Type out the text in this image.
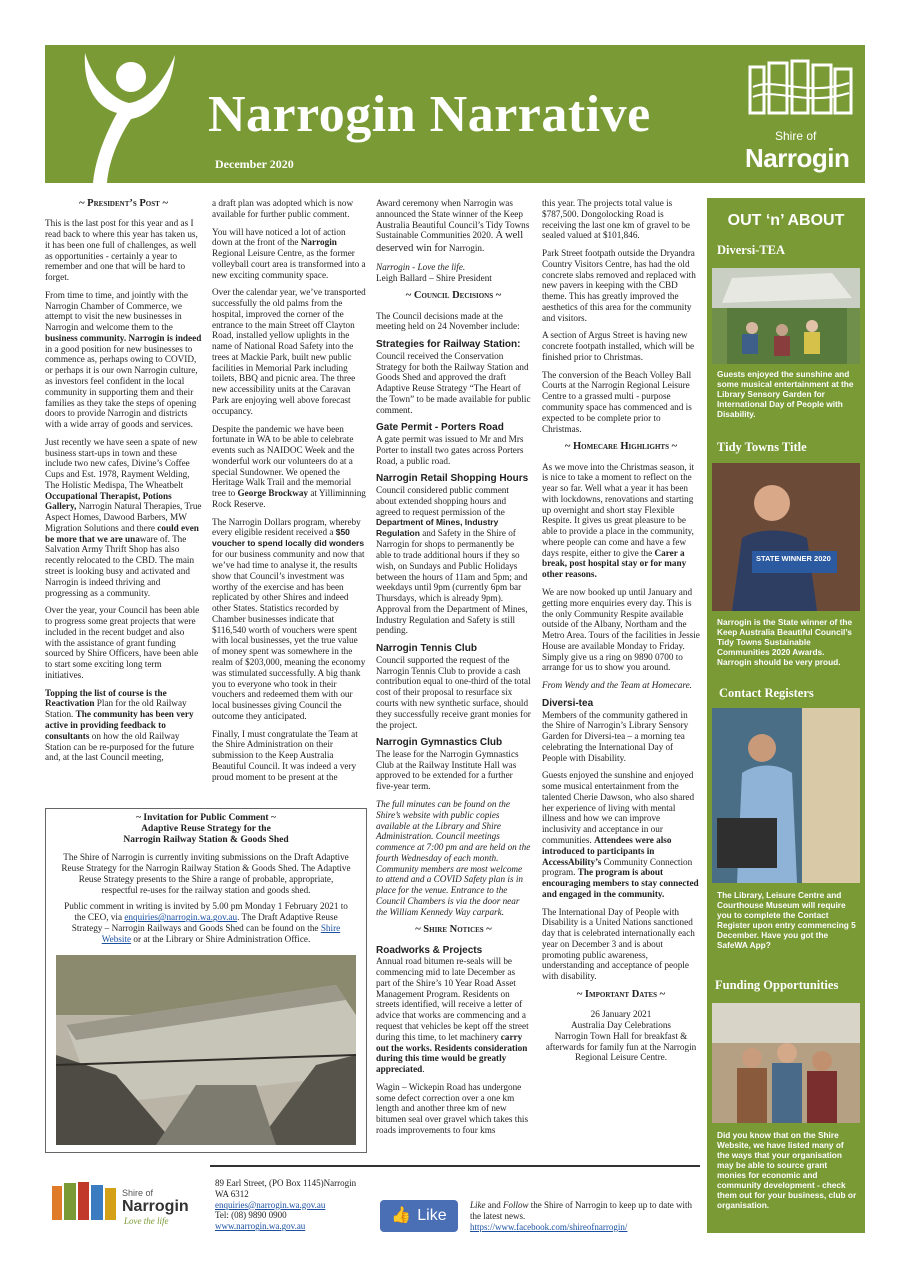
Narrogin Narrative
December 2020
Shire of
Narrogin
~ President’s Post ~

This is the last post for this year and as I read back to where this year has taken us, it has been one full of challenges, as well as opportunities - certainly a year to remember and one that will be hard to forget.

From time to time, and jointly with the Narrogin Chamber of Commerce, we attempt to visit the new businesses in Narrogin and welcome them to the business community. Narrogin is indeed in a good position for new businesses to commence as, perhaps owing to COVID, or perhaps it is our own Narrogin culture, as investors feel confident in the local community in supporting them and their families as they take the steps of opening doors to provide Narrogin and districts with a wide array of goods and services.

Just recently we have seen a spate of new business start-ups in town and these include two new cafes, Divine’s Coffee Cups and Est. 1978, Rayment Welding, The Holistic Medispa, The Wheatbelt Occupational Therapist, Potions Gallery, Narrogin Natural Therapies, True Aspect Homes, Dawood Barbers, MW Migration Solutions and there could even be more that we are unaware of. The Salvation Army Thrift Shop has also recently relocated to the CBD. The main street is looking busy and activated and Narrogin is indeed thriving and progressing as a community.

Over the year, your Council has been able to progress some great projects that were included in the recent budget and also with the assistance of grant funding sourced by Shire Officers, have been able to start some exciting long term initiatives.

Topping the list of course is the Reactivation Plan for the old Railway Station. The community has been very active in providing feedback to consultants on how the old Railway Station can be re-purposed for the future and, at the last Council meeting,

a draft plan was adopted which is now available for further public comment.

You will have noticed a lot of action down at the front of the Narrogin Regional Leisure Centre, as the former volleyball court area is transformed into a new exciting community space.

Over the calendar year, we’ve transported successfully the old palms from the hospital, improved the corner of the entrance to the main Street off Clayton Road, installed yellow uplights in the name of National Road Safety into the trees at Mackie Park, built new public facilities in Memorial Park including toilets, BBQ and picnic area. The three new accessibility units at the Caravan Park are enjoying well above forecast occupancy.

Despite the pandemic we have been fortunate in WA to be able to celebrate events such as NAIDOC Week and the wonderful work our volunteers do at a special Sundowner. We opened the Heritage Walk Trail and the memorial tree to George Brockway at Yilliminning Rock Reserve.

The Narrogin Dollars program, whereby every eligible resident received a $50 voucher to spend locally did wonders for our business community and now that we’ve had time to analyse it, the results show that Council’s investment was worthy of the exercise and has been replicated by other Shires and indeed other States. Statistics recorded by Chamber businesses indicate that $116,540 worth of vouchers were spent with local businesses, yet the true value of money spent was somewhere in the realm of $203,000, meaning the economy was stimulated successfully. A big thank you to everyone who took in their vouchers and redeemed them with our local businesses giving Council the outcome they anticipated.

Finally, I must congratulate the Team at the Shire Administration on their submission to the Keep Australia Beautiful Council. It was indeed a very proud moment to be present at the

Award ceremony when Narrogin was announced the State winner of the Keep Australia Beautiful Council’s Tidy Towns Sustainable Communities 2020. A well deserved win for Narrogin.

Narrogin - Love the life.
Leigh Ballard – Shire President

~ Council Decisions ~

The Council decisions made at the meeting held on 24 November include:

Strategies for Railway Station:

Council received the Conservation Strategy for both the Railway Station and Goods Shed and approved the draft Adaptive Reuse Strategy “The Heart of the Town” to be made available for public comment.

Gate Permit - Porters Road

A gate permit was issued to Mr and Mrs Porter to install two gates across Porters Road, a public road.

Narrogin Retail Shopping Hours

Council considered public comment about extended shopping hours and agreed to request permission of the Department of Mines, Industry Regulation and Safety in the Shire of Narrogin for shops to permanently be able to trade additional hours if they so wish, on Sundays and Public Holidays between the hours of 11am and 5pm; and weekdays until 9pm (currently 6pm bar Thursdays, which is already 9pm). Approval from the Department of Mines, Industry Regulation and Safety is still pending.

Narrogin Tennis Club

Council supported the request of the Narrogin Tennis Club to provide a cash contribution equal to one-third of the total cost of their proposal to resurface six courts with new synthetic surface, should they successfully receive grant monies for the project.

Narrogin Gymnastics Club

The lease for the Narrogin Gymnastics Club at the Railway Institute Hall was approved to be extended for a further five-year term.

The full minutes can be found on the Shire’s website with public copies available at the Library and Shire Administration. Council meetings commence at 7:00 pm and are held on the fourth Wednesday of each month. Community members are most welcome to attend and a COVID Safety plan is in place for the venue. Entrance to the Council Chambers is via the door near the William Kennedy Way carpark.

~ Shire Notices ~
Roadworks & Projects

Annual road bitumen re-seals will be commencing mid to late December as part of the Shire’s 10 Year Road Asset Management Program. Residents on streets identified, will receive a letter of advice that works are commencing and a request that vehicles be kept off the street during this time, to let machinery carry out the works. Residents consideration during this time would be greatly appreciated.

Wagin – Wickepin Road has undergone some defect correction over a one km length and another three km of new bitumen seal over gravel which takes this roads improvements to four kms

this year. The projects total value is $787,500. Dongolocking Road is receiving the last one km of gravel to be sealed valued at $101,846.

Park Street footpath outside the Dryandra Country Visitors Centre, has had the old concrete slabs removed and replaced with new pavers in keeping with the CBD theme. This has greatly improved the aesthetics of this area for the community and visitors.

A section of Argus Street is having new concrete footpath installed, which will be finished prior to Christmas.

The conversion of the Beach Volley Ball Courts at the Narrogin Regional Leisure Centre to a grassed multi - purpose community space has commenced and is expected to be complete prior to Christmas.

~ Homecare Highlights ~

As we move into the Christmas season, it is nice to take a moment to reflect on the year so far. Well what a year it has been with lockdowns, renovations and starting up overnight and short stay Flexible Respite. It gives us great pleasure to be able to provide a place in the community, where people can come and have a few days respite, either to give the Carer a break, post hospital stay or for many other reasons.

We are now booked up until January and getting more enquiries every day. This is the only Community Respite available outside of the Albany, Northam and the Metro Area. Tours of the facilities in Jessie House are available Monday to Friday. Simply give us a ring on 9890 0700 to arrange for us to show you around.

From Wendy and the Team at Homecare.

Diversi-tea

Members of the community gathered in the Shire of Narrogin’s Library Sensory Garden for Diversi-tea – a morning tea celebrating the International Day of People with Disability.

Guests enjoyed the sunshine and enjoyed some musical entertainment from the talented Cherie Dawson, who also shared her experience of living with mental illness and how we can improve inclusivity and acceptance in our communities. Attendees were also introduced to participants in AccessAbility’s Community Connection program. The program is about encouraging members to stay connected and engaged in the community.

The International Day of People with Disability is a United Nations sanctioned day that is celebrated internationally each year on December 3 and is about promoting public awareness, understanding and acceptance of people with disability.

~ Important Dates ~
26 January 2021
Australia Day Celebrations
Narrogin Town Hall for breakfast & afterwards for family fun at the Narrogin Regional Leisure Centre.
~ Invitation for Public Comment ~
Adaptive Reuse Strategy for the
Narrogin Railway Station & Goods Shed

The Shire of Narrogin is currently inviting submissions on the Draft Adaptive Reuse Strategy for the Narrogin Railway Station & Goods Shed. The Adaptive Reuse Strategy presents to the Shire a range of probable, appropriate, respectful re-uses for the railway station and goods shed.

Public comment in writing is invited by 5.00 pm Monday 1 February 2021 to the CEO, via enquiries@narrogin.wa.gov.au. The Draft Adaptive Reuse Strategy – Narrogin Railways and Goods Shed can be found on the Shire Website or at the Library or Shire Administration Office.

OUT ‘n’ ABOUT
Diversi-TEA
Guests enjoyed the sunshine and some musical entertainment at the Library Sensory Garden for International Day of People with Disability.
Tidy Towns Title
STATE WINNER 2020
Narrogin is the State winner of the Keep Australia Beautiful Council’s Tidy Towns Sustainable Communities 2020 Awards. Narrogin should be very proud.
Contact Registers
The Library, Leisure Centre and Courthouse Museum will require you to complete the Contact Register upon entry commencing 5 December. Have you got the SafeWA App?
Funding Opportunities
Did you know that on the Shire Website, we have listed many of the ways that your organisation may be able to source grant monies for economic and community development - check them out for your business, club or organisation.
Shire of
Narrogin
Love the life
89 Earl Street, (PO Box 1145)Narrogin
WA 6312
enquiries@narrogin.wa.gov.au
Tel: (08) 9890 0900
www.narrogin.wa.gov.au
👍 Like
Like and Follow the Shire of Narrogin to keep up to date with the latest news.
https://www.facebook.com/shireofnarrogin/
